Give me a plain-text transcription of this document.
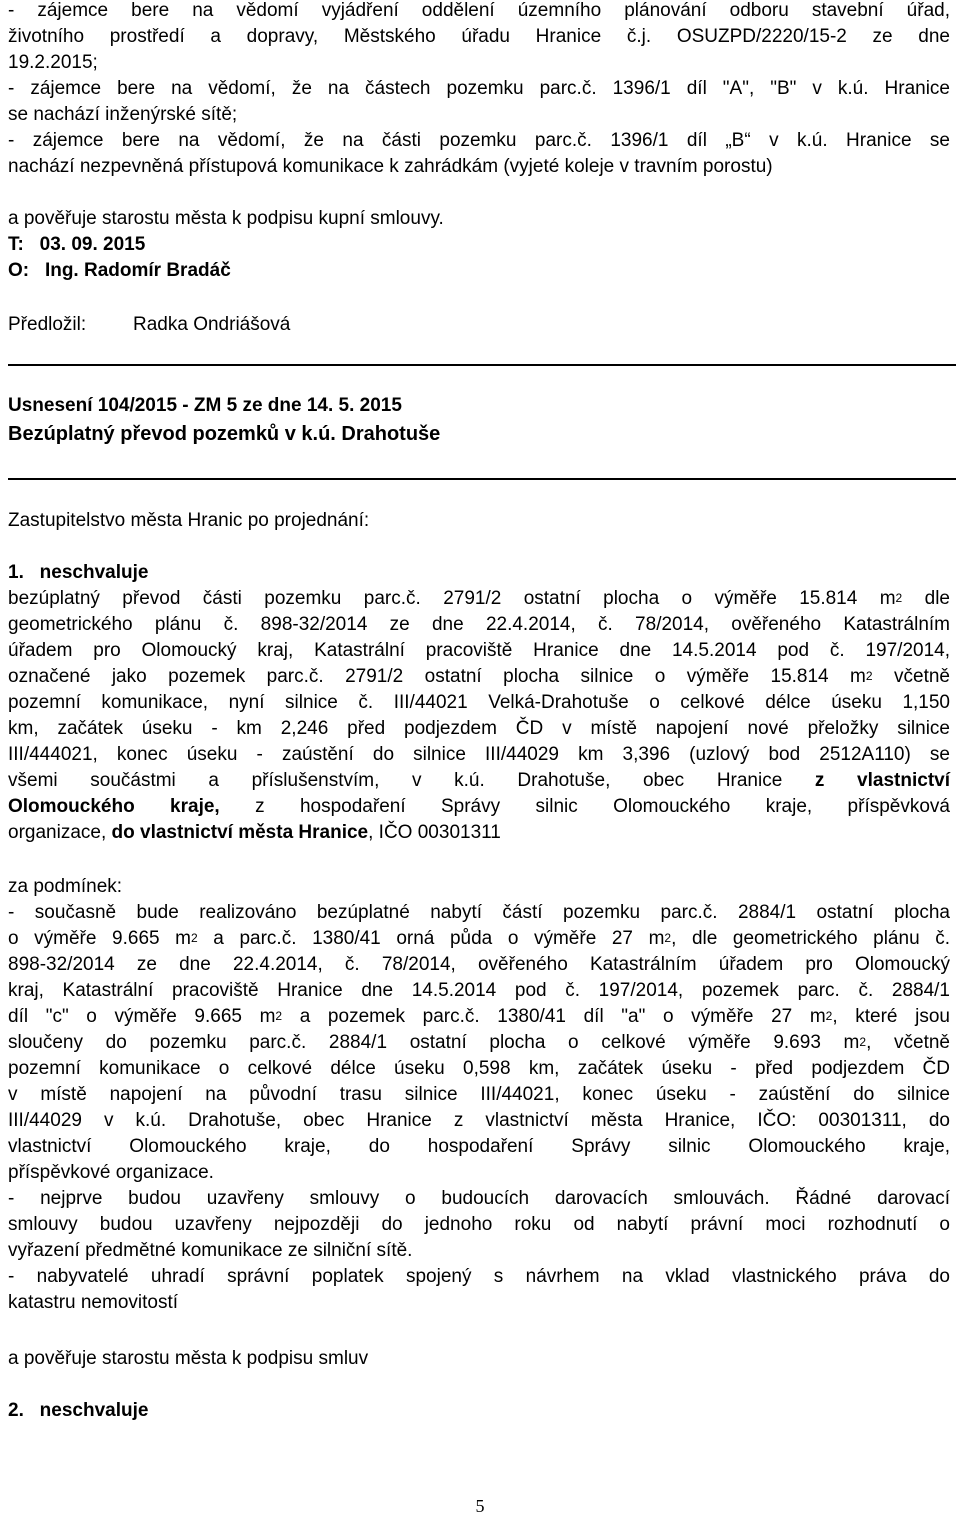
- zájemce bere na vědomí vyjádření oddělení územního plánování odboru stavební úřad,
životního prostředí a dopravy, Městského úřadu Hranice č.j. OSUZPD/2220/15-2 ze dne
19.2.2015;
- zájemce bere na vědomí, že na částech pozemku parc.č. 1396/1 díl "A", "B" v k.ú. Hranice
se nachází inženýrské sítě;
- zájemce bere na vědomí, že na části pozemku parc.č. 1396/1 díl „B“ v k.ú. Hranice se
nachází nezpevněná přístupová komunikace k zahrádkám (vyjeté koleje v travním porostu)
a pověřuje starostu města k podpisu kupní smlouvy.
T:   03. 09. 2015
O:   Ing. Radomír Bradáč
Předložil: Radka Ondriášová
Usnesení 104/2015 - ZM 5 ze dne 14. 5. 2015
Bezúplatný převod pozemků v k.ú. Drahotuše
Zastupitelstvo města Hranic po projednání:
1.   neschvaluje
bezúplatný převod části pozemku parc.č. 2791/2 ostatní plocha o výměře 15.814 $m^2$ dle
geometrického plánu č. 898-32/2014 ze dne 22.4.2014, č. 78/2014, ověřeného Katastrálním
úřadem pro Olomoucký kraj, Katastrální pracoviště Hranice dne 14.5.2014 pod č. 197/2014,
označené jako pozemek parc.č. 2791/2 ostatní plocha silnice o výměře 15.814 $m^2$ včetně
pozemní komunikace, nyní silnice č. III/44021 Velká-Drahotuše o celkové délce úseku 1,150
km, začátek úseku - km 2,246 před podjezdem ČD v místě napojení nové přeložky silnice
III/444021, konec úseku - zaústění do silnice III/44029 km 3,396 (uzlový bod 2512A110) se
všemi součástmi a příslušenstvím, v k.ú. Drahotuše, obec Hranice z vlastnictví
Olomouckého kraje, z hospodaření Správy silnic Olomouckého kraje, příspěvková
organizace, do vlastnictví města Hranice, IČO 00301311
za podmínek:
- současně bude realizováno bezúplatné nabytí částí pozemku parc.č. 2884/1 ostatní plocha
o výměře 9.665 $m^2$ a parc.č. 1380/41 orná půda o výměře 27 $m^2$, dle geometrického plánu č.
898-32/2014 ze dne 22.4.2014, č. 78/2014, ověřeného Katastrálním úřadem pro Olomoucký
kraj, Katastrální pracoviště Hranice dne 14.5.2014 pod č. 197/2014, pozemek parc. č. 2884/1
díl "c" o výměře 9.665 $m^2$ a pozemek parc.č. 1380/41 díl "a" o výměře 27 $m^2$, které jsou
sloučeny do pozemku parc.č. 2884/1 ostatní plocha o celkové výměře 9.693 $m^2$, včetně
pozemní komunikace o celkové délce úseku 0,598 km, začátek úseku - před podjezdem ČD
v místě napojení na původní trasu silnice III/44021, konec úseku - zaústění do silnice
III/44029 v k.ú. Drahotuše, obec Hranice z vlastnictví města Hranice, IČO: 00301311, do
vlastnictví Olomouckého kraje, do hospodaření Správy silnic Olomouckého kraje,
příspěvkové organizace.
- nejprve budou uzavřeny smlouvy o budoucích darovacích smlouvách. Řádné darovací
smlouvy budou uzavřeny nejpozději do jednoho roku od nabytí právní moci rozhodnutí o
vyřazení předmětné komunikace ze silniční sítě.
- nabyvatelé uhradí správní poplatek spojený s návrhem na vklad vlastnického práva do
katastru nemovitostí
a pověřuje starostu města k podpisu smluv
2.   neschvaluje
5
